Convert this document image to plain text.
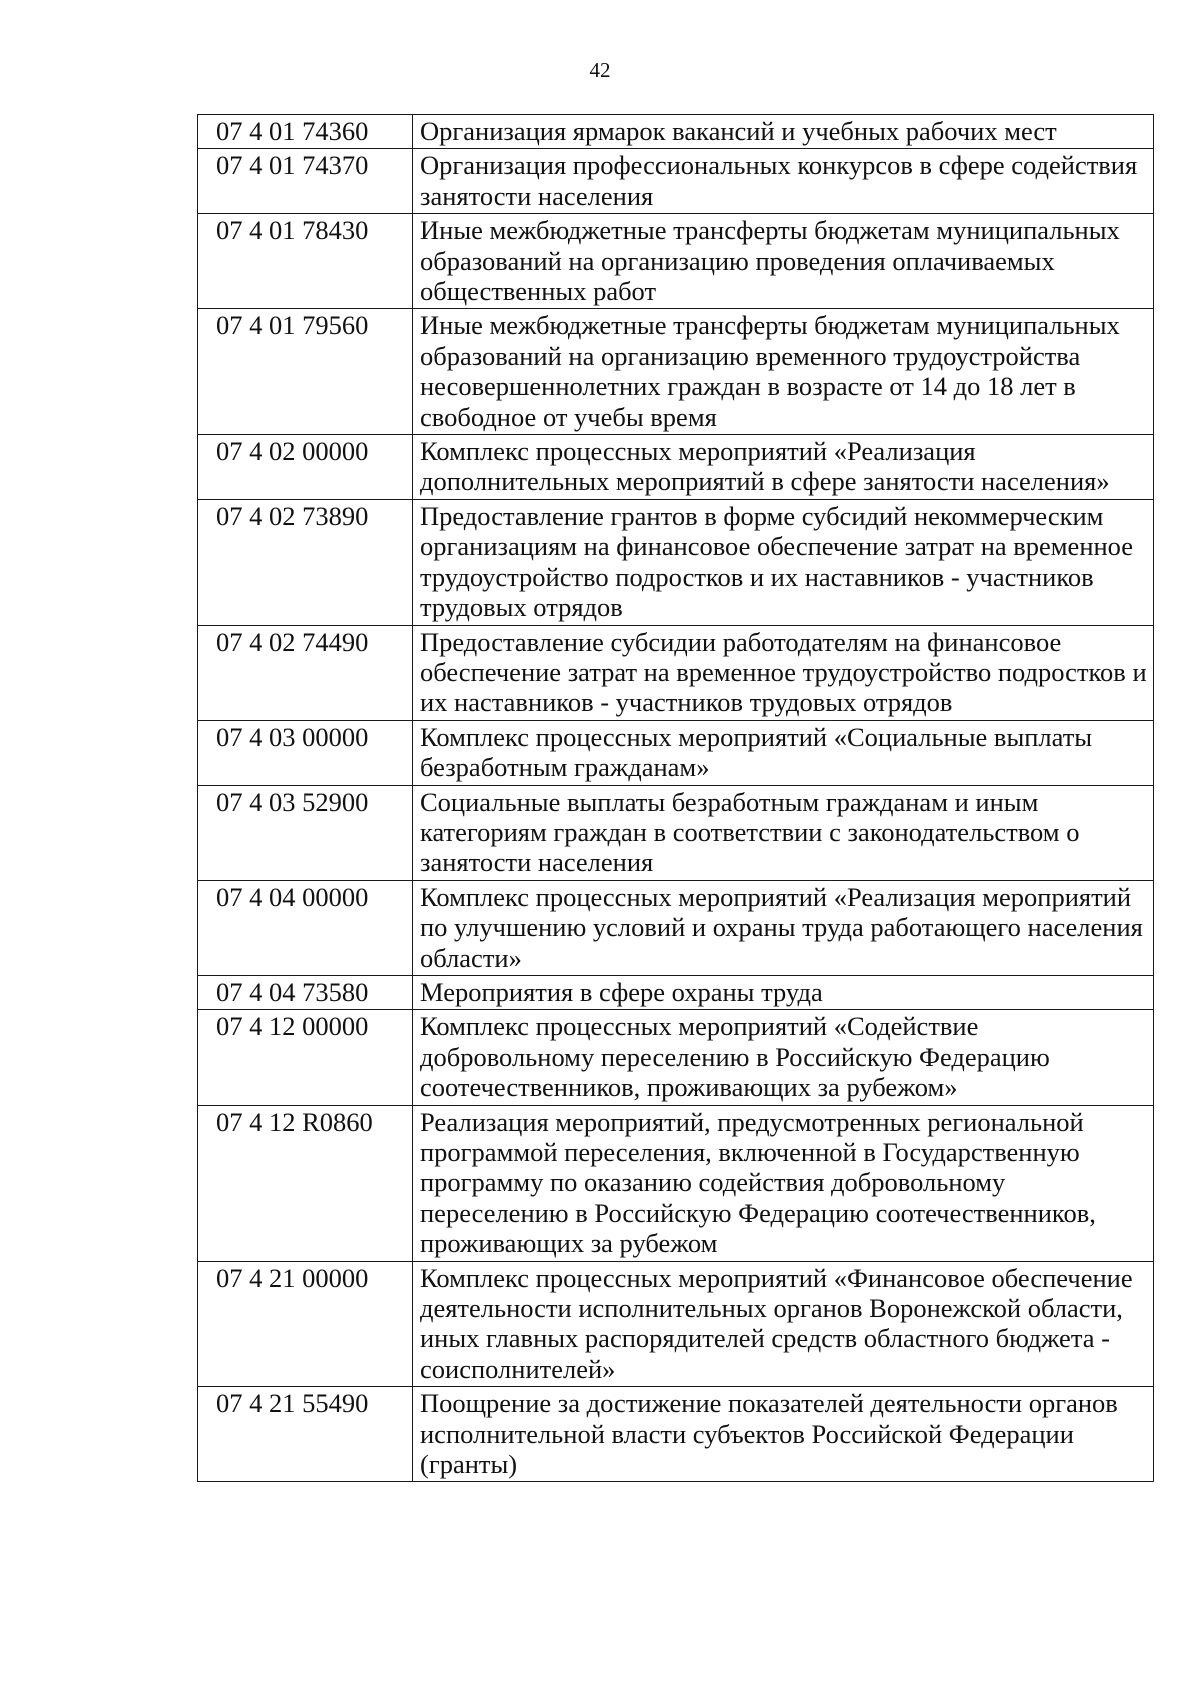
42
07 4 01 74360	Организация ярмарок вакансий и учебных рабочих мест
07 4 01 74370	Организация профессиональных конкурсов в сфере содействия занятости населения
07 4 01 78430	Иные межбюджетные трансферты бюджетам муниципальных образований на организацию проведения оплачиваемых общественных работ
07 4 01 79560	Иные межбюджетные трансферты бюджетам муниципальных образований на организацию временного трудоустройства несовершеннолетних граждан в возрасте от 14 до 18 лет в свободное от учебы время
07 4 02 00000	Комплекс процессных мероприятий «Реализация дополнительных мероприятий в сфере занятости населения»
07 4 02 73890	Предоставление грантов в форме субсидий некоммерческим организациям на финансовое обеспечение затрат на временное трудоустройство подростков и их наставников - участников трудовых отрядов
07 4 02 74490	Предоставление субсидии работодателям на финансовое обеспечение затрат на временное трудоустройство подростков и их наставников - участников трудовых отрядов
07 4 03 00000	Комплекс процессных мероприятий «Социальные выплаты безработным гражданам»
07 4 03 52900	Социальные выплаты безработным гражданам и иным категориям граждан в соответствии с законодательством о занятости населения
07 4 04 00000	Комплекс процессных мероприятий «Реализация мероприятий по улучшению условий и охраны труда работающего населения области»
07 4 04 73580	Мероприятия в сфере охраны труда
07 4 12 00000	Комплекс процессных мероприятий «Содействие добровольному переселению в Российскую Федерацию соотечественников, проживающих за рубежом»
07 4 12 R0860	Реализация мероприятий, предусмотренных региональной программой переселения, включенной в Государственную программу по оказанию содействия добровольному переселению в Российскую Федерацию соотечественников, проживающих за рубежом
07 4 21 00000	Комплекс процессных мероприятий «Финансовое обеспечение деятельности исполнительных органов Воронежской области, иных главных распорядителей средств областного бюджета - соисполнителей»
07 4 21 55490	Поощрение за достижение показателей деятельности органов исполнительной власти субъектов Российской Федерации (гранты)
